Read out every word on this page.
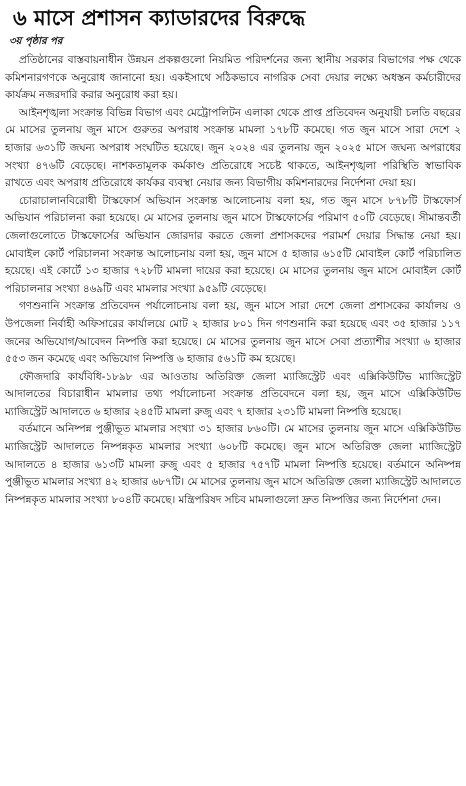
৬ মাসে প্রশাসন ক্যাডারদের বিরুদ্ধে
৩য় পৃষ্ঠার পর

প্রতিষ্ঠানের বাস্তবায়নাধীন উন্নয়ন প্রকল্পগুলো নিয়মিত পরিদর্শনের জন্য স্থানীয় সরকার বিভাগের পক্ষ থেকে কমিশনারগণকে অনুরোধ জানানো হয়। একইসাথে সঠিকভাবে নাগরিক সেবা দেয়ার লক্ষ্যে অধস্তন কর্মচারীদের কার্যক্রম নজরদারি করার অনুরোধ করা হয়।

আইনশৃঙ্খলা সংক্রান্ত বিভিন্ন বিভাগ এবং মেট্রোপলিটন এলাকা থেকে প্রাপ্ত প্রতিবেদন অনুযায়ী চলতি বছরের মে মাসের তুলনায় জুন মাসে গুরুতর অপরাধ সংক্রান্ত মামলা ১৭৮টি কমেছে। গত জুন মাসে সারা দেশে ২ হাজার ৬৩১টি জঘন্য অপরাধ সংঘটিত হয়েছে। জুন ২০২৪ এর তুলনায় জুন ২০২৫ মাসে জঘন্য অপরাধের সংখ্যা ৪৭৬টি বেড়েছে। নাশকতামূলক কর্মকাণ্ড প্রতিরোধে সচেষ্ট থাকতে, আইনশৃঙ্খলা পরিস্থিতি স্বাভাবিক রাখতে এবং অপরাধ প্রতিরোধে কার্যকর ব্যবস্থা নেয়ার জন্য বিভাগীয় কমিশনারদের নির্দেশনা দেয়া হয়।

চোরাচালানবিরোধী টাস্কফোর্স অভিযান সংক্রান্ত আলোচনায় বলা হয়, গত জুন মাসে ৮৭৮টি টাস্কফোর্স অভিযান পরিচালনা করা হয়েছে। মে মাসের তুলনায় জুন মাসে টাস্কফোর্সের পরিমাণ ৫০টি বেড়েছে। সীমান্তবর্তী জেলাগুলোতে টাস্কফোর্সের অভিযান জোরদার করতে জেলা প্রশাসকদের পরামর্শ দেয়ার সিদ্ধান্ত নেয়া হয়। মোবাইল কোর্ট পরিচালনা সংক্রান্ত আলোচনায় বলা হয়, জুন মাসে ৫ হাজার ৬১৫টি মোবাইল কোর্ট পরিচালিত হয়েছে। এই কোর্টে ১৩ হাজার ৭২৮টি মামলা দায়ের করা হয়েছে। মে মাসের তুলনায় জুন মাসে মোবাইল কোর্ট পরিচালনার সংখ্যা ৪৬৯টি এবং মামলার সংখ্যা ৯৫৯টি বেড়েছে।

গণশুনানি সংক্রান্ত প্রতিবেদন পর্যালোচনায় বলা হয়, জুন মাসে সারা দেশে জেলা প্রশাসকের কার্যালয় ও উপজেলা নির্বাহী অফিসারের কার্যালয়ে মোট ২ হাজার ৮০১ দিন গণশুনানি করা হয়েছে এবং ৩৫ হাজার ১১৭ জনের অভিযোগ/আবেদন নিষ্পত্তি করা হয়েছে। মে মাসের তুলনায় জুন মাসে সেবা প্রত্যাশীর সংখ্যা ৬ হাজার ৫৫৩ জন কমেছে এবং অভিযোগ নিষ্পত্তি ৬ হাজার ৫৬১টি কম হয়েছে।

ফৌজদারি কার্যবিধি-১৮৯৮ এর আওতায় অতিরিক্ত জেলা ম্যাজিস্ট্রেট এবং এক্সিকিউটিভ ম্যাজিস্ট্রেট আদালতের বিচারাধীন মামলার তথ্য পর্যালোচনা সংক্রান্ত প্রতিবেদনে বলা হয়, জুন মাসে এক্সিকিউটিভ ম্যাজিস্ট্রেট আদালতে ৬ হাজার ২৪৫টি মামলা রুজু এবং ৭ হাজার ২৩১টি মামলা নিষ্পত্তি হয়েছে।

বর্তমানে অনিষ্পন্ন পুঞ্জীভূত মামলার সংখ্যা ৩১ হাজার ৮৬০টি। মে মাসের তুলনায় জুন মাসে এক্সিকিউটিভ ম্যাজিস্ট্রেট আদালতে নিষ্পন্নকৃত মামলার সংখ্যা ৬০৮টি কমেছে। জুন মাসে অতিরিক্ত জেলা ম্যাজিস্ট্রেট আদালতে ৪ হাজার ৬১৩টি মামলা রুজু এবং ৫ হাজার ৭৫৭টি মামলা নিষ্পত্তি হয়েছে। বর্তমানে অনিষ্পন্ন পুঞ্জীভূত মামলার সংখ্যা ৪২ হাজার ৬৮৭টি। মে মাসের তুলনায় জুন মাসে অতিরিক্ত জেলা ম্যাজিস্ট্রেট আদালতে নিষ্পন্নকৃত মামলার সংখ্যা ৮০৪টি কমেছে। মন্ত্রিপরিষদ সচিব মামলাগুলো দ্রুত নিষ্পত্তির জন্য নির্দেশনা দেন।
